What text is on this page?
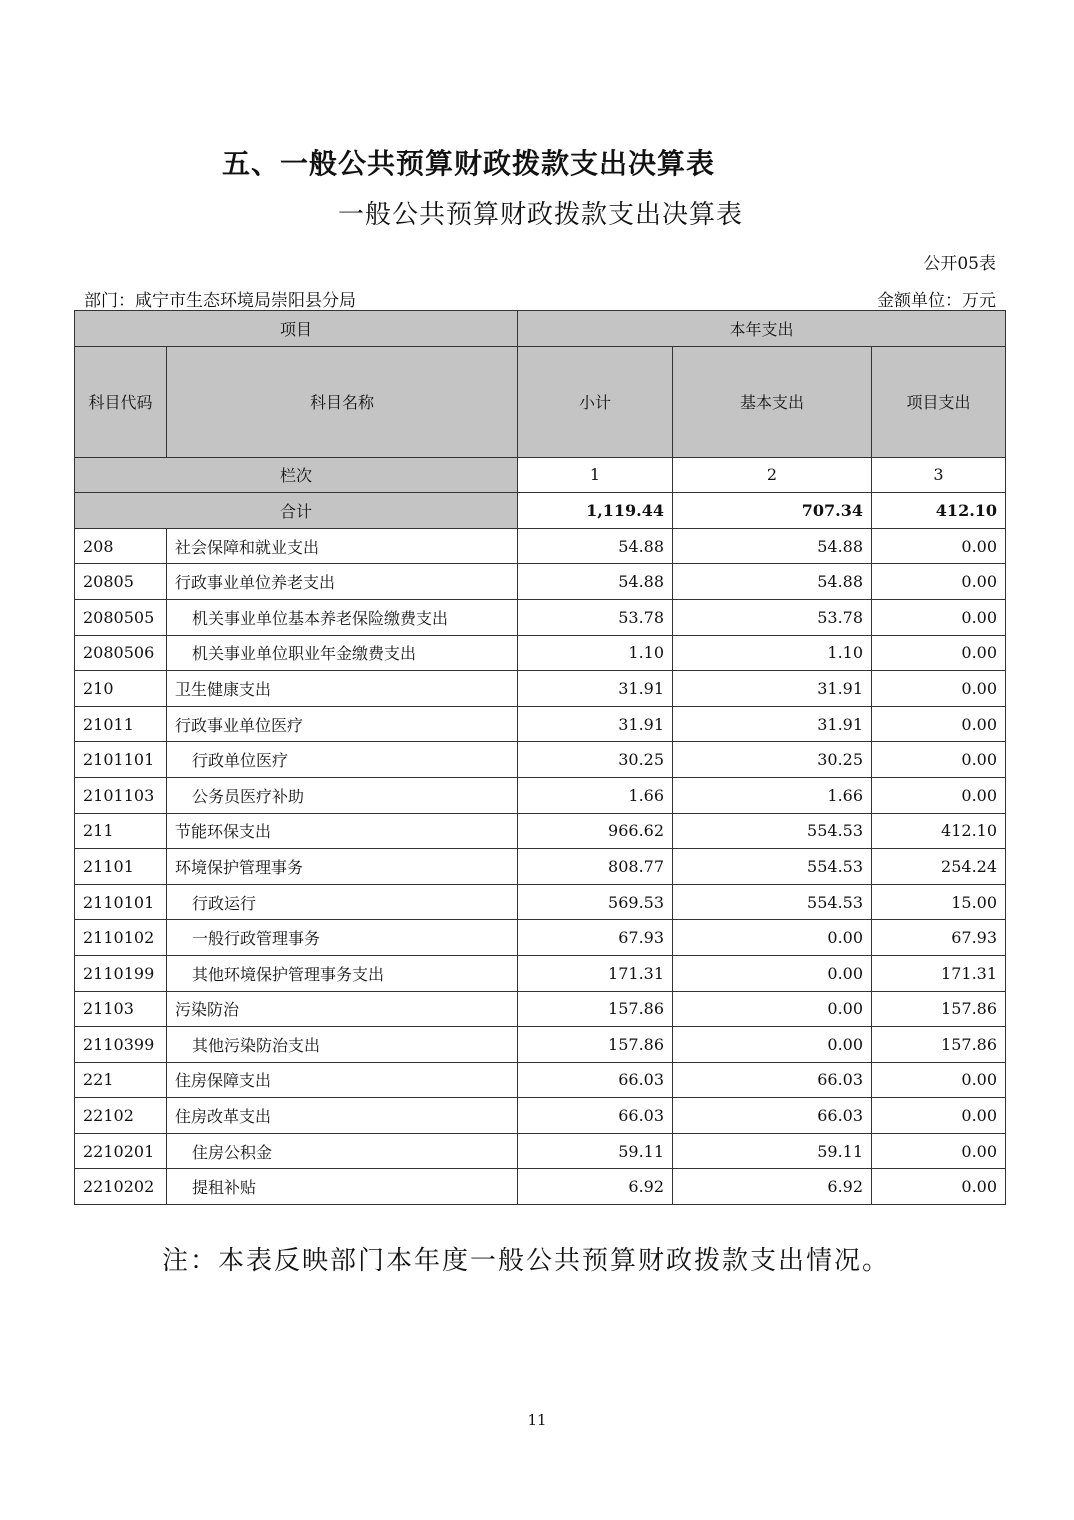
五、一般公共预算财政拨款支出决算表
一般公共预算财政拨款支出决算表
公开05表
部门：咸宁市生态环境局崇阳县分局	金额单位：万元
项目		本年支出		
科目代码	科目名称	小计	基本支出	项目支出
栏次		1	2	3
合计		1,119.44	707.34	412.10
208	社会保障和就业支出	54.88	54.88	0.00
20805	行政事业单位养老支出	54.88	54.88	0.00
2080505	机关事业单位基本养老保险缴费支出	53.78	53.78	0.00
2080506	机关事业单位职业年金缴费支出	1.10	1.10	0.00
210	卫生健康支出	31.91	31.91	0.00
21011	行政事业单位医疗	31.91	31.91	0.00
2101101	行政单位医疗	30.25	30.25	0.00
2101103	公务员医疗补助	1.66	1.66	0.00
211	节能环保支出	966.62	554.53	412.10
21101	环境保护管理事务	808.77	554.53	254.24
2110101	行政运行	569.53	554.53	15.00
2110102	一般行政管理事务	67.93	0.00	67.93
2110199	其他环境保护管理事务支出	171.31	0.00	171.31
21103	污染防治	157.86	0.00	157.86
2110399	其他污染防治支出	157.86	0.00	157.86
221	住房保障支出	66.03	66.03	0.00
22102	住房改革支出	66.03	66.03	0.00
2210201	住房公积金	59.11	59.11	0.00
2210202	提租补贴	6.92	6.92	0.00
注：本表反映部门本年度一般公共预算财政拨款支出情况。
11
